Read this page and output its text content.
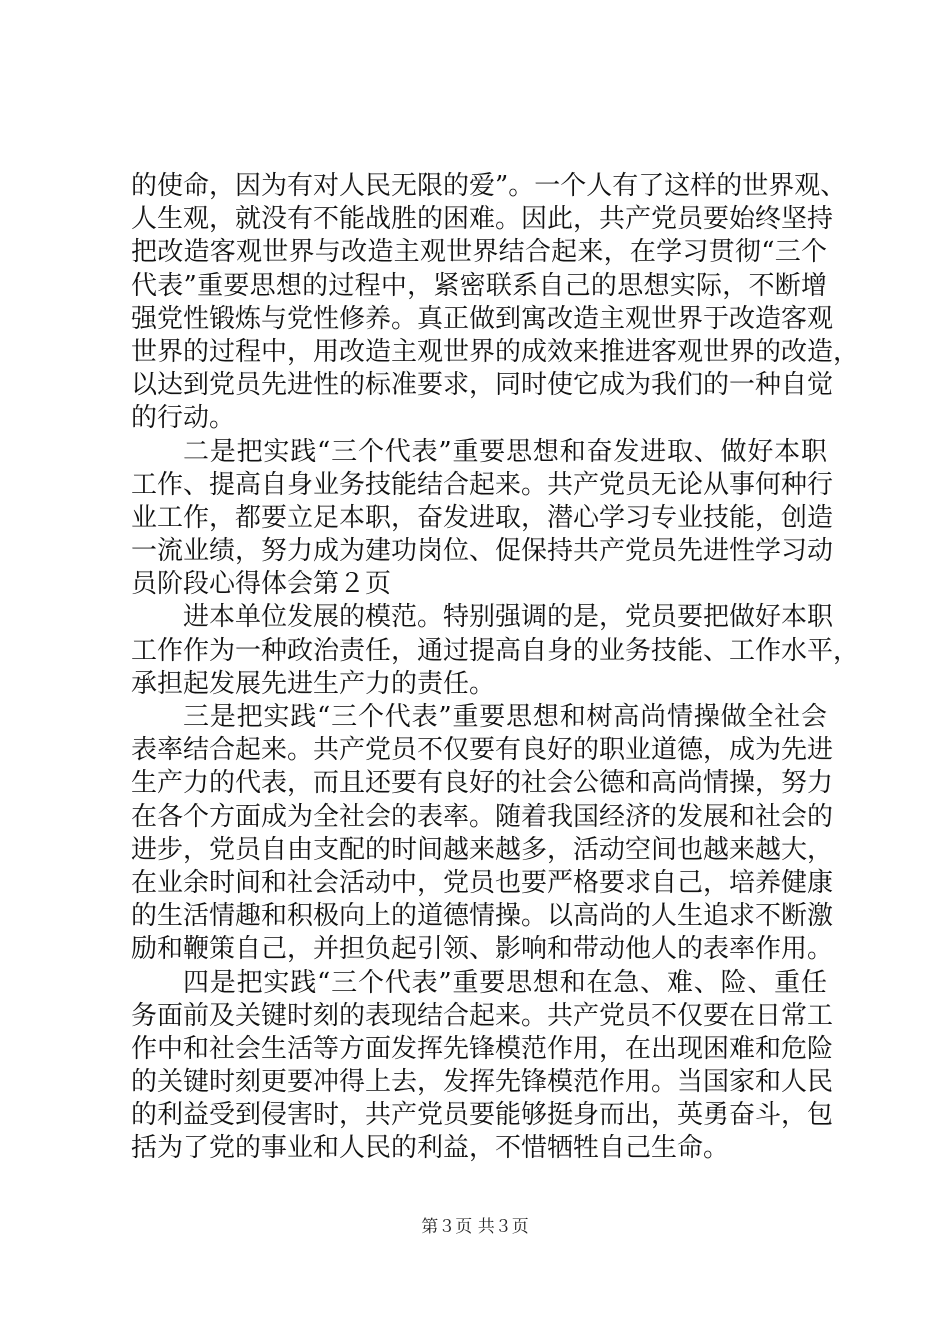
的使命，因为有对人民无限的爱”。一个人有了这样的世界观、
人生观，就没有不能战胜的困难。因此，共产党员要始终坚持
把改造客观世界与改造主观世界结合起来，在学习贯彻“三个
代表”重要思想的过程中，紧密联系自己的思想实际，不断增
强党性锻炼与党性修养。真正做到寓改造主观世界于改造客观
世界的过程中，用改造主观世界的成效来推进客观世界的改造，
以达到党员先进性的标准要求，同时使它成为我们的一种自觉
的行动。
二是把实践“三个代表”重要思想和奋发进取、做好本职
工作、提高自身业务技能结合起来。共产党员无论从事何种行
业工作，都要立足本职，奋发进取，潜心学习专业技能，创造
一流业绩，努力成为建功岗位、促保持共产党员先进性学习动
员阶段心得体会第２页
进本单位发展的模范。特别强调的是，党员要把做好本职
工作作为一种政治责任，通过提高自身的业务技能、工作水平，
承担起发展先进生产力的责任。
三是把实践“三个代表”重要思想和树高尚情操做全社会
表率结合起来。共产党员不仅要有良好的职业道德，成为先进
生产力的代表，而且还要有良好的社会公德和高尚情操，努力
在各个方面成为全社会的表率。随着我国经济的发展和社会的
进步，党员自由支配的时间越来越多，活动空间也越来越大，
在业余时间和社会活动中，党员也要严格要求自己，培养健康
的生活情趣和积极向上的道德情操。以高尚的人生追求不断激
励和鞭策自己，并担负起引领、影响和带动他人的表率作用。
四是把实践“三个代表”重要思想和在急、难、险、重任
务面前及关键时刻的表现结合起来。共产党员不仅要在日常工
作中和社会生活等方面发挥先锋模范作用，在出现困难和危险
的关键时刻更要冲得上去，发挥先锋模范作用。当国家和人民
的利益受到侵害时，共产党员要能够挺身而出，英勇奋斗，包
括为了党的事业和人民的利益，不惜牺牲自己生命。
第３页 共３页
